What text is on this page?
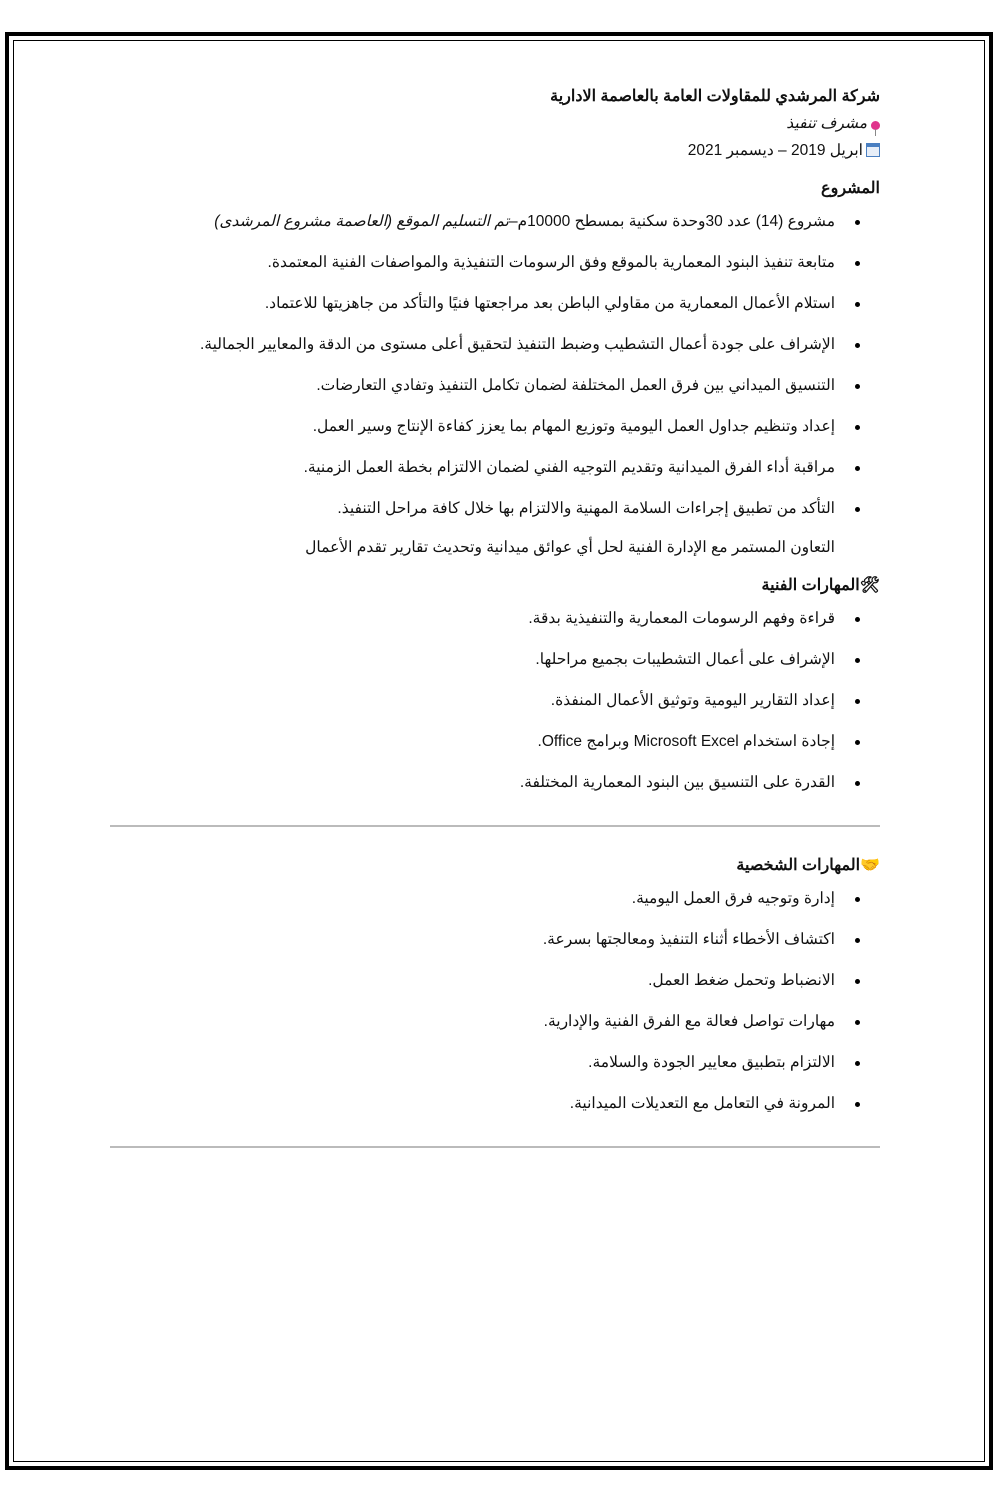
شركة المرشدي للمقاولات العامة بالعاصمة الادارية
مشرف تنفيذ
ابريل 2019 – ديسمبر 2021
المشروع
مشروع (14) عدد 30وحدة سكنية بمسطح 10000م–تم التسليم الموقع (العاصمة مشروع المرشدى)
متابعة تنفيذ البنود المعمارية بالموقع وفق الرسومات التنفيذية والمواصفات الفنية المعتمدة.
استلام الأعمال المعمارية من مقاولي الباطن بعد مراجعتها فنيًا والتأكد من جاهزيتها للاعتماد.
الإشراف على جودة أعمال التشطيب وضبط التنفيذ لتحقيق أعلى مستوى من الدقة والمعايير الجمالية.
التنسيق الميداني بين فرق العمل المختلفة لضمان تكامل التنفيذ وتفادي التعارضات.
إعداد وتنظيم جداول العمل اليومية وتوزيع المهام بما يعزز كفاءة الإنتاج وسير العمل.
مراقبة أداء الفرق الميدانية وتقديم التوجيه الفني لضمان الالتزام بخطة العمل الزمنية.
التأكد من تطبيق إجراءات السلامة المهنية والالتزام بها خلال كافة مراحل التنفيذ.
التعاون المستمر مع الإدارة الفنية لحل أي عوائق ميدانية وتحديث تقارير تقدم الأعمال
🛠المهارات الفنية
قراءة وفهم الرسومات المعمارية والتنفيذية بدقة.
الإشراف على أعمال التشطيبات بجميع مراحلها.
إعداد التقارير اليومية وتوثيق الأعمال المنفذة.
إجادة استخدام Microsoft Excel وبرامج Office.
القدرة على التنسيق بين البنود المعمارية المختلفة.
🤝المهارات الشخصية
إدارة وتوجيه فرق العمل اليومية.
اكتشاف الأخطاء أثناء التنفيذ ومعالجتها بسرعة.
الانضباط وتحمل ضغط العمل.
مهارات تواصل فعالة مع الفرق الفنية والإدارية.
الالتزام بتطبيق معايير الجودة والسلامة.
المرونة في التعامل مع التعديلات الميدانية.
